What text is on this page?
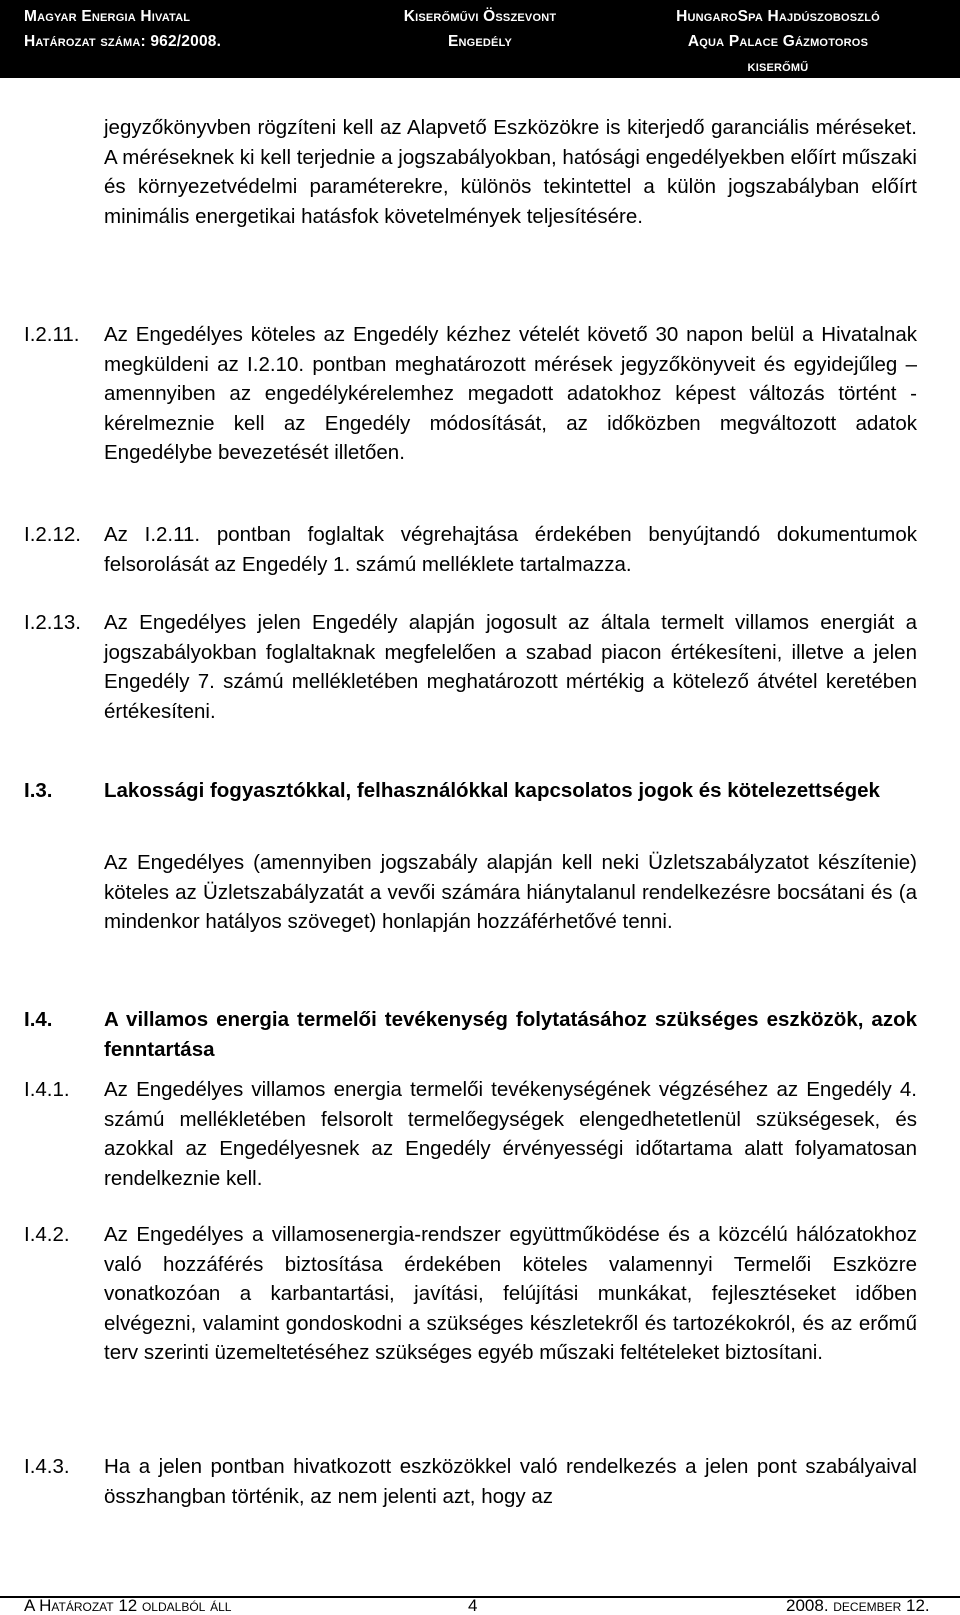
Magyar Energia Hivatal
Határozat száma: 962/2008.
Kiserőművi Összevont
Engedély
HungaroSpa Hajdúszoboszló
Aqua Palace Gázmotoros
kiserőmű
jegyzőkönyvben rögzíteni kell az Alapvető Eszközökre is kiterjedő garanciális méréseket. A méréseknek ki kell terjednie a jogszabályokban, hatósági engedélyekben előírt műszaki és környezetvédelmi paraméterekre, különös tekintettel a külön jogszabályban előírt minimális energetikai hatásfok követelmények teljesítésére.
I.2.11. Az Engedélyes köteles az Engedély kézhez vételét követő 30 napon belül a Hivatalnak megküldeni az I.2.10. pontban meghatározott mérések jegyzőkönyveit és egyidejűleg – amennyiben az engedélykérelemhez megadott adatokhoz képest változás történt - kérelmeznie kell az Engedély módosítását, az időközben megváltozott adatok Engedélybe bevezetését illetően.
I.2.12. Az I.2.11. pontban foglaltak végrehajtása érdekében benyújtandó dokumentumok felsorolását az Engedély 1. számú melléklete tartalmazza.
I.2.13. Az Engedélyes jelen Engedély alapján jogosult az általa termelt villamos energiát a jogszabályokban foglaltaknak megfelelően a szabad piacon értékesíteni, illetve a jelen Engedély 7. számú mellékletében meghatározott mértékig a kötelező átvétel keretében értékesíteni.
I.3.	Lakossági fogyasztókkal, felhasználókkal kapcsolatos jogok és kötelezettségek
Az Engedélyes (amennyiben jogszabály alapján kell neki Üzletszabályzatot készítenie) köteles az Üzletszabályzatát a vevői számára hiánytalanul rendelkezésre bocsátani és (a mindenkor hatályos szöveget) honlapján hozzáférhetővé tenni.
I.4.	A villamos energia termelői tevékenység folytatásához szükséges eszközök, azok fenntartása
I.4.1. Az Engedélyes villamos energia termelői tevékenységének végzéséhez az Engedély 4. számú mellékletében felsorolt termelőegységek elengedhetetlenül szükségesek, és azokkal az Engedélyesnek az Engedély érvényességi időtartama alatt folyamatosan rendelkeznie kell.
I.4.2. Az Engedélyes a villamosenergia-rendszer együttműködése és a közcélú hálózatokhoz való hozzáférés biztosítása érdekében köteles valamennyi Termelői Eszközre vonatkozóan a karbantartási, javítási, felújítási munkákat, fejlesztéseket időben elvégezni, valamint gondoskodni a szükséges készletekről és tartozékokról, és az erőmű terv szerinti üzemeltetéséhez szükséges egyéb műszaki feltételeket biztosítani.
I.4.3. Ha a jelen pontban hivatkozott eszközökkel való rendelkezés a jelen pont szabályaival összhangban történik, az nem jelenti azt, hogy az
A Határozat 12 oldalból áll	4	2008. december 12.
